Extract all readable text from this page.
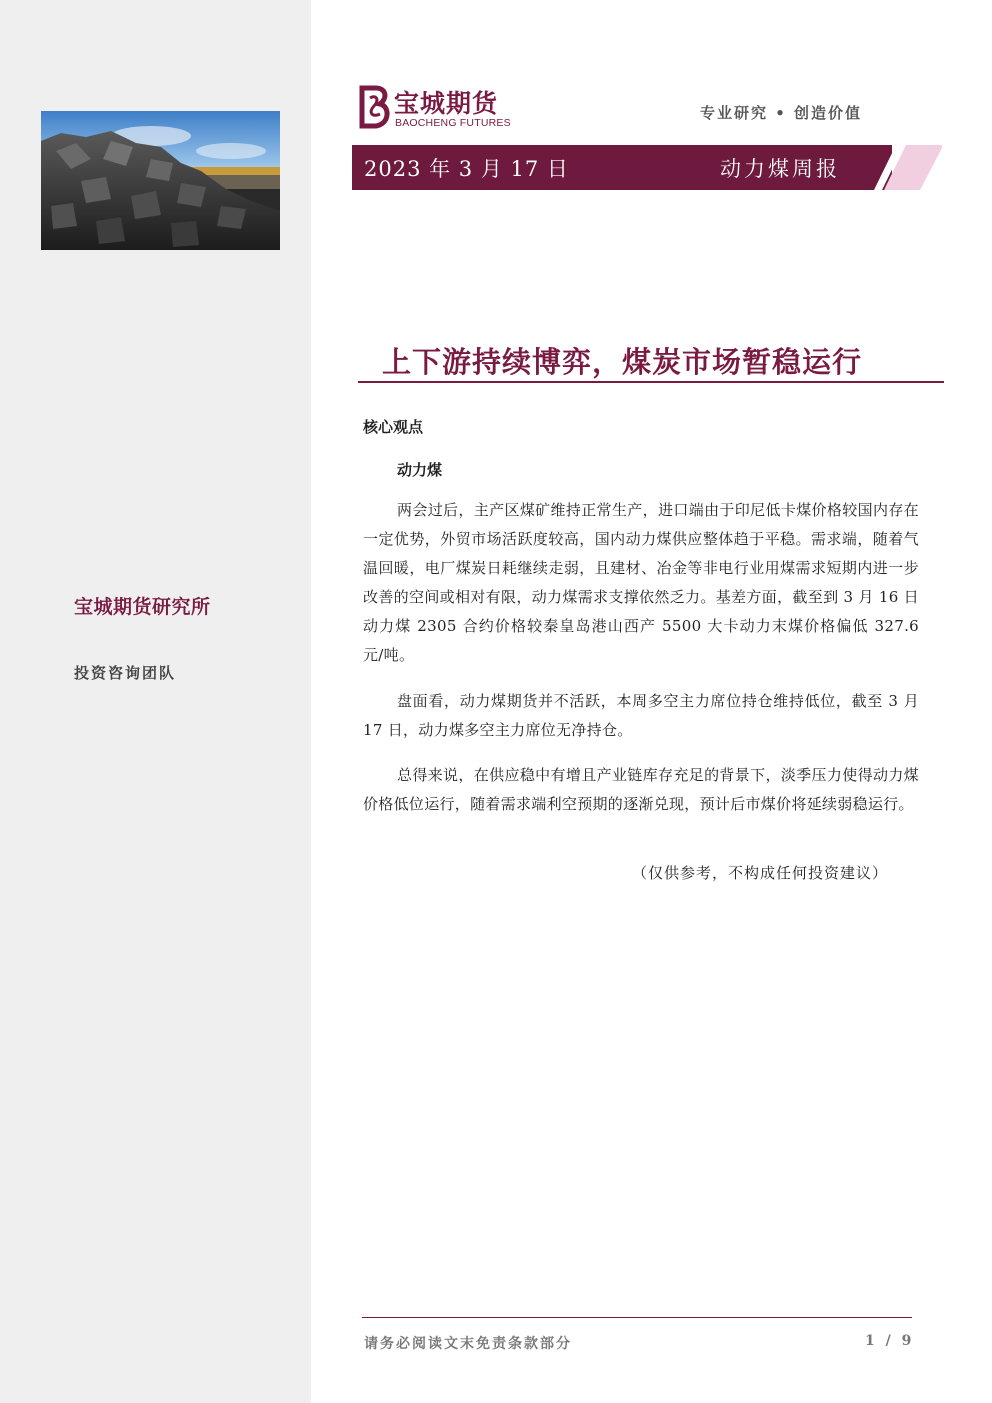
宝城期货研究所
投资咨询团队
宝城期货
BAOCHENG FUTURES
专业研究 • 创造价值
2023 年 3 月 17 日	动力煤周报
上下游持续博弈，煤炭市场暂稳运行
核心观点
动力煤

两会过后，主产区煤矿维持正常生产，进口端由于印尼低卡煤价格较国内存在一定优势，外贸市场活跃度较高，国内动力煤供应整体趋于平稳。需求端，随着气温回暖，电厂煤炭日耗继续走弱，且建材、冶金等非电行业用煤需求短期内进一步改善的空间或相对有限，动力煤需求支撑依然乏力。基差方面，截至到 3 月 16 日动力煤 2305 合约价格较秦皇岛港山西产 5500 大卡动力末煤价格偏低 327.6 元/吨。

盘面看，动力煤期货并不活跃，本周多空主力席位持仓维持低位，截至 3 月 17 日，动力煤多空主力席位无净持仓。

总得来说，在供应稳中有增且产业链库存充足的背景下，淡季压力使得动力煤价格低位运行，随着需求端利空预期的逐渐兑现，预计后市煤价将延续弱稳运行。

（仅供参考，不构成任何投资建议）
请务必阅读文末免责条款部分	1 / 9
